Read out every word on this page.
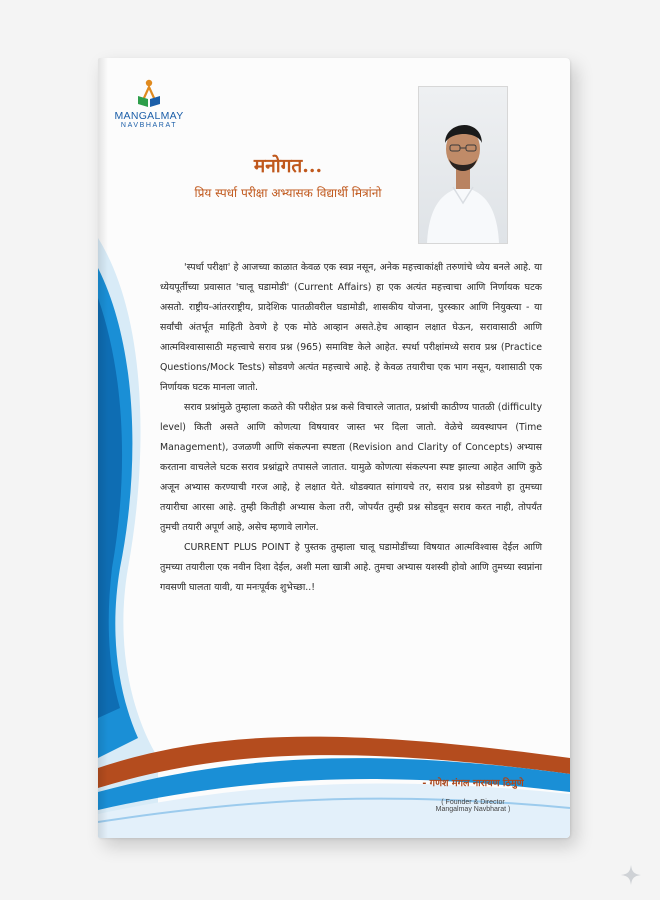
MANGALMAY
NAVBHARAT
मनोगत...
प्रिय स्पर्धा परीक्षा अभ्यासक विद्यार्थी मित्रांनो

'स्पर्धा परीक्षा' हे आजच्या काळात केवळ एक स्वप्न नसून, अनेक महत्त्वाकांक्षी तरुणांचे ध्येय बनले आहे. या ध्येयपूर्तीच्या प्रवासात 'चालू घडामोडी' (Current Affairs) हा एक अत्यंत महत्त्वाचा आणि निर्णायक घटक असतो. राष्ट्रीय-आंतरराष्ट्रीय, प्रादेशिक पातळीवरील घडामोडी, शासकीय योजना, पुरस्कार आणि नियुक्त्या - या सर्वांची अंतर्भूत माहिती ठेवणे हे एक मोठे आव्हान असते.हेच आव्हान लक्षात घेऊन, सरावासाठी आणि आत्मविश्वासासाठी महत्त्वाचे सराव प्रश्न (965) समाविष्ट केले आहेत. स्पर्धा परीक्षांमध्ये सराव प्रश्न (Practice Questions/Mock Tests) सोडवणे अत्यंत महत्त्वाचे आहे. हे केवळ तयारीचा एक भाग नसून, यशासाठी एक निर्णायक घटक मानला जातो.

सराव प्रश्नांमुळे तुम्हाला कळते की परीक्षेत प्रश्न कसे विचारले जातात, प्रश्नांची काठीण्य पातळी (difficulty level) किती असते आणि कोणत्या विषयावर जास्त भर दिला जातो. वेळेचे व्यवस्थापन (Time Management), उजळणी आणि संकल्पना स्पष्टता (Revision and Clarity of Concepts) अभ्यास करताना वाचलेले घटक सराव प्रश्नांद्वारे तपासले जातात. यामुळे कोणत्या संकल्पना स्पष्ट झाल्या आहेत आणि कुठे अजून अभ्यास करण्याची गरज आहे, हे लक्षात येते. थोडक्यात सांगायचे तर, सराव प्रश्न सोडवणे हा तुमच्या तयारीचा आरसा आहे. तुम्ही कितीही अभ्यास केला तरी, जोपर्यंत तुम्ही प्रश्न सोडवून सराव करत नाही, तोपर्यंत तुमची तयारी अपूर्ण आहे, असेच म्हणावे लागेल.

CURRENT PLUS POINT हे पुस्तक तुम्हाला चालू घडामोडींच्या विषयात आत्मविश्वास देईल आणि तुमच्या तयारीला एक नवीन दिशा देईल, अशी मला खात्री आहे. तुमचा अभ्यास यशस्वी होवो आणि तुमच्या स्वप्नांना गवसणी घालता यावी, या मनःपूर्वक शुभेच्छा..!

- गणेश मंगल नारायण ठिमुणे
( Founder & Director
Mangalmay Navbharat )
